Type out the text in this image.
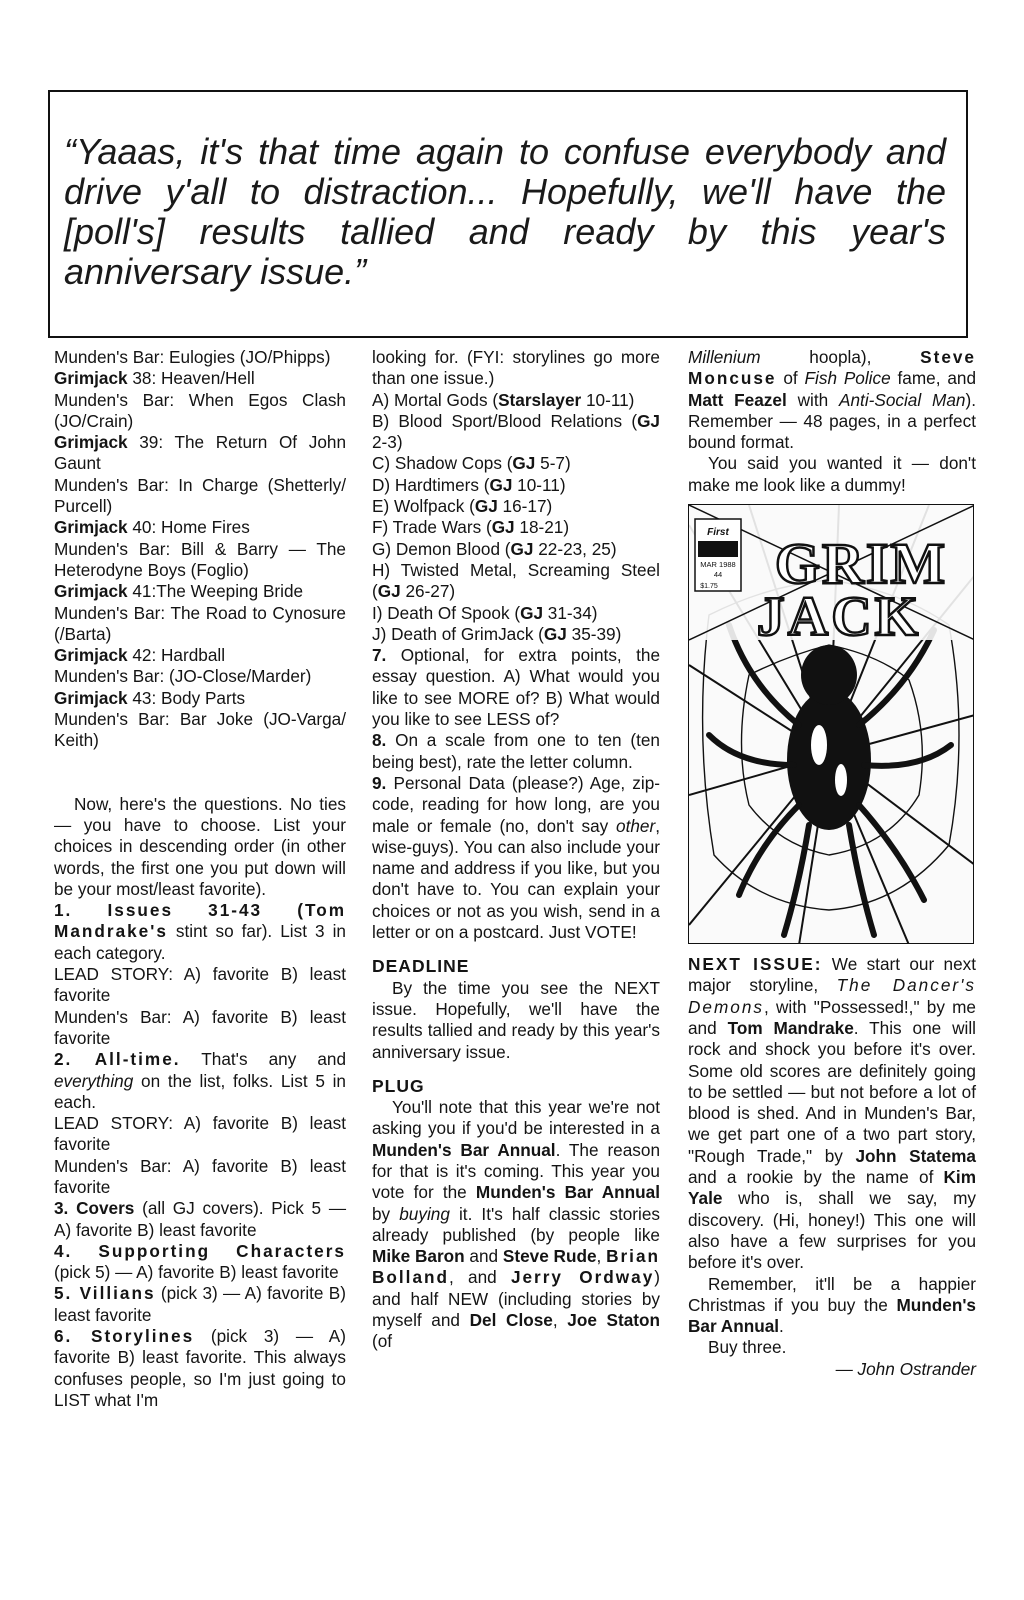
“Yaaas, it's that time again to confuse everybody and drive y'all to distraction... Hopefully, we'll have the [poll's] results tallied and ready by this year's anniversary issue.”

Munden's Bar: Eulogies (JO/Phipps)

Grimjack 38: Heaven/Hell

Munden's Bar: When Egos Clash (JO/Crain)

Grimjack 39: The Return Of John Gaunt

Munden's Bar: In Charge (Shetterly/ Purcell)

Grimjack 40: Home Fires

Munden's Bar: Bill & Barry — The Heterodyne Boys (Foglio)

Grimjack 41:The Weeping Bride

Munden's Bar: The Road to Cynosure (/Barta)

Grimjack 42: Hardball

Munden's Bar: (JO-Close/Marder)

Grimjack 43: Body Parts

Munden's Bar: Bar Joke (JO-Varga/ Keith)

Now, here's the questions. No ties — you have to choose. List your choices in descending order (in other words, the first one you put down will be your most/least favorite).

1. Issues 31-43 (Tom Mandrake's stint so far). List 3 in each category.

LEAD STORY: A) favorite B) least favorite

Munden's Bar: A) favorite B) least favorite

2. All-time. That's any and everything on the list, folks. List 5 in each.

LEAD STORY: A) favorite B) least favorite

Munden's Bar: A) favorite B) least favorite

3. Covers (all GJ covers). Pick 5 — A) favorite B) least favorite

4. Supporting Characters (pick 5) — A) favorite B) least favorite

5. Villians (pick 3) — A) favorite B) least favorite

6. Storylines (pick 3) — A) favorite B) least favorite. This always confuses people, so I'm just going to LIST what I'm

looking for. (FYI: storylines go more than one issue.)

A) Mortal Gods (Starslayer 10-11)

B) Blood Sport/Blood Relations (GJ 2-3)

C) Shadow Cops (GJ 5-7)

D) Hardtimers (GJ 10-11)

E) Wolfpack (GJ 16-17)

F) Trade Wars (GJ 18-21)

G) Demon Blood (GJ 22-23, 25)

H) Twisted Metal, Screaming Steel (GJ 26-27)

I) Death Of Spook (GJ 31-34)

J) Death of GrimJack (GJ 35-39)

7. Optional, for extra points, the essay question. A) What would you like to see MORE of? B) What would you like to see LESS of?

8. On a scale from one to ten (ten being best), rate the letter column.

9. Personal Data (please?) Age, zip-code, reading for how long, are you male or female (no, don't say other, wise-guys). You can also include your name and address if you like, but you don't have to. You can explain your choices or not as you wish, send in a letter or on a postcard. Just VOTE!

DEADLINE

By the time you see the NEXT issue. Hopefully, we'll have the results tallied and ready by this year's anniversary issue.

PLUG

You'll note that this year we're not asking you if you'd be interested in a Munden's Bar Annual. The reason for that is it's coming. This year you vote for the Munden's Bar Annual by buying it. It's half classic stories already published (by people like Mike Baron and Steve Rude, Brian Bolland, and Jerry Ordway) and half NEW (including stories by myself and Del Close, Joe Staton (of

Millenium hoopla), Steve Moncuse of Fish Police fame, and Matt Feazel with Anti-Social Man). Remember — 48 pages, in a perfect bound format.

You said you wanted it — don't make me look like a dummy!

First
MAR 1988
44
$1.75 GRIM
JACK

NEXT ISSUE: We start our next major storyline, The Dancer's Demons, with "Possessed!," by me and Tom Mandrake. This one will rock and shock you before it's over. Some old scores are definitely going to be settled — but not before a lot of blood is shed. And in Munden's Bar, we get part one of a two part story, "Rough Trade," by John Statema and a rookie by the name of Kim Yale who is, shall we say, my discovery. (Hi, honey!) This one will also have a few surprises for you before it's over.

Remember, it'll be a happier Christmas if you buy the Munden's Bar Annual.

Buy three.

— John Ostrander
